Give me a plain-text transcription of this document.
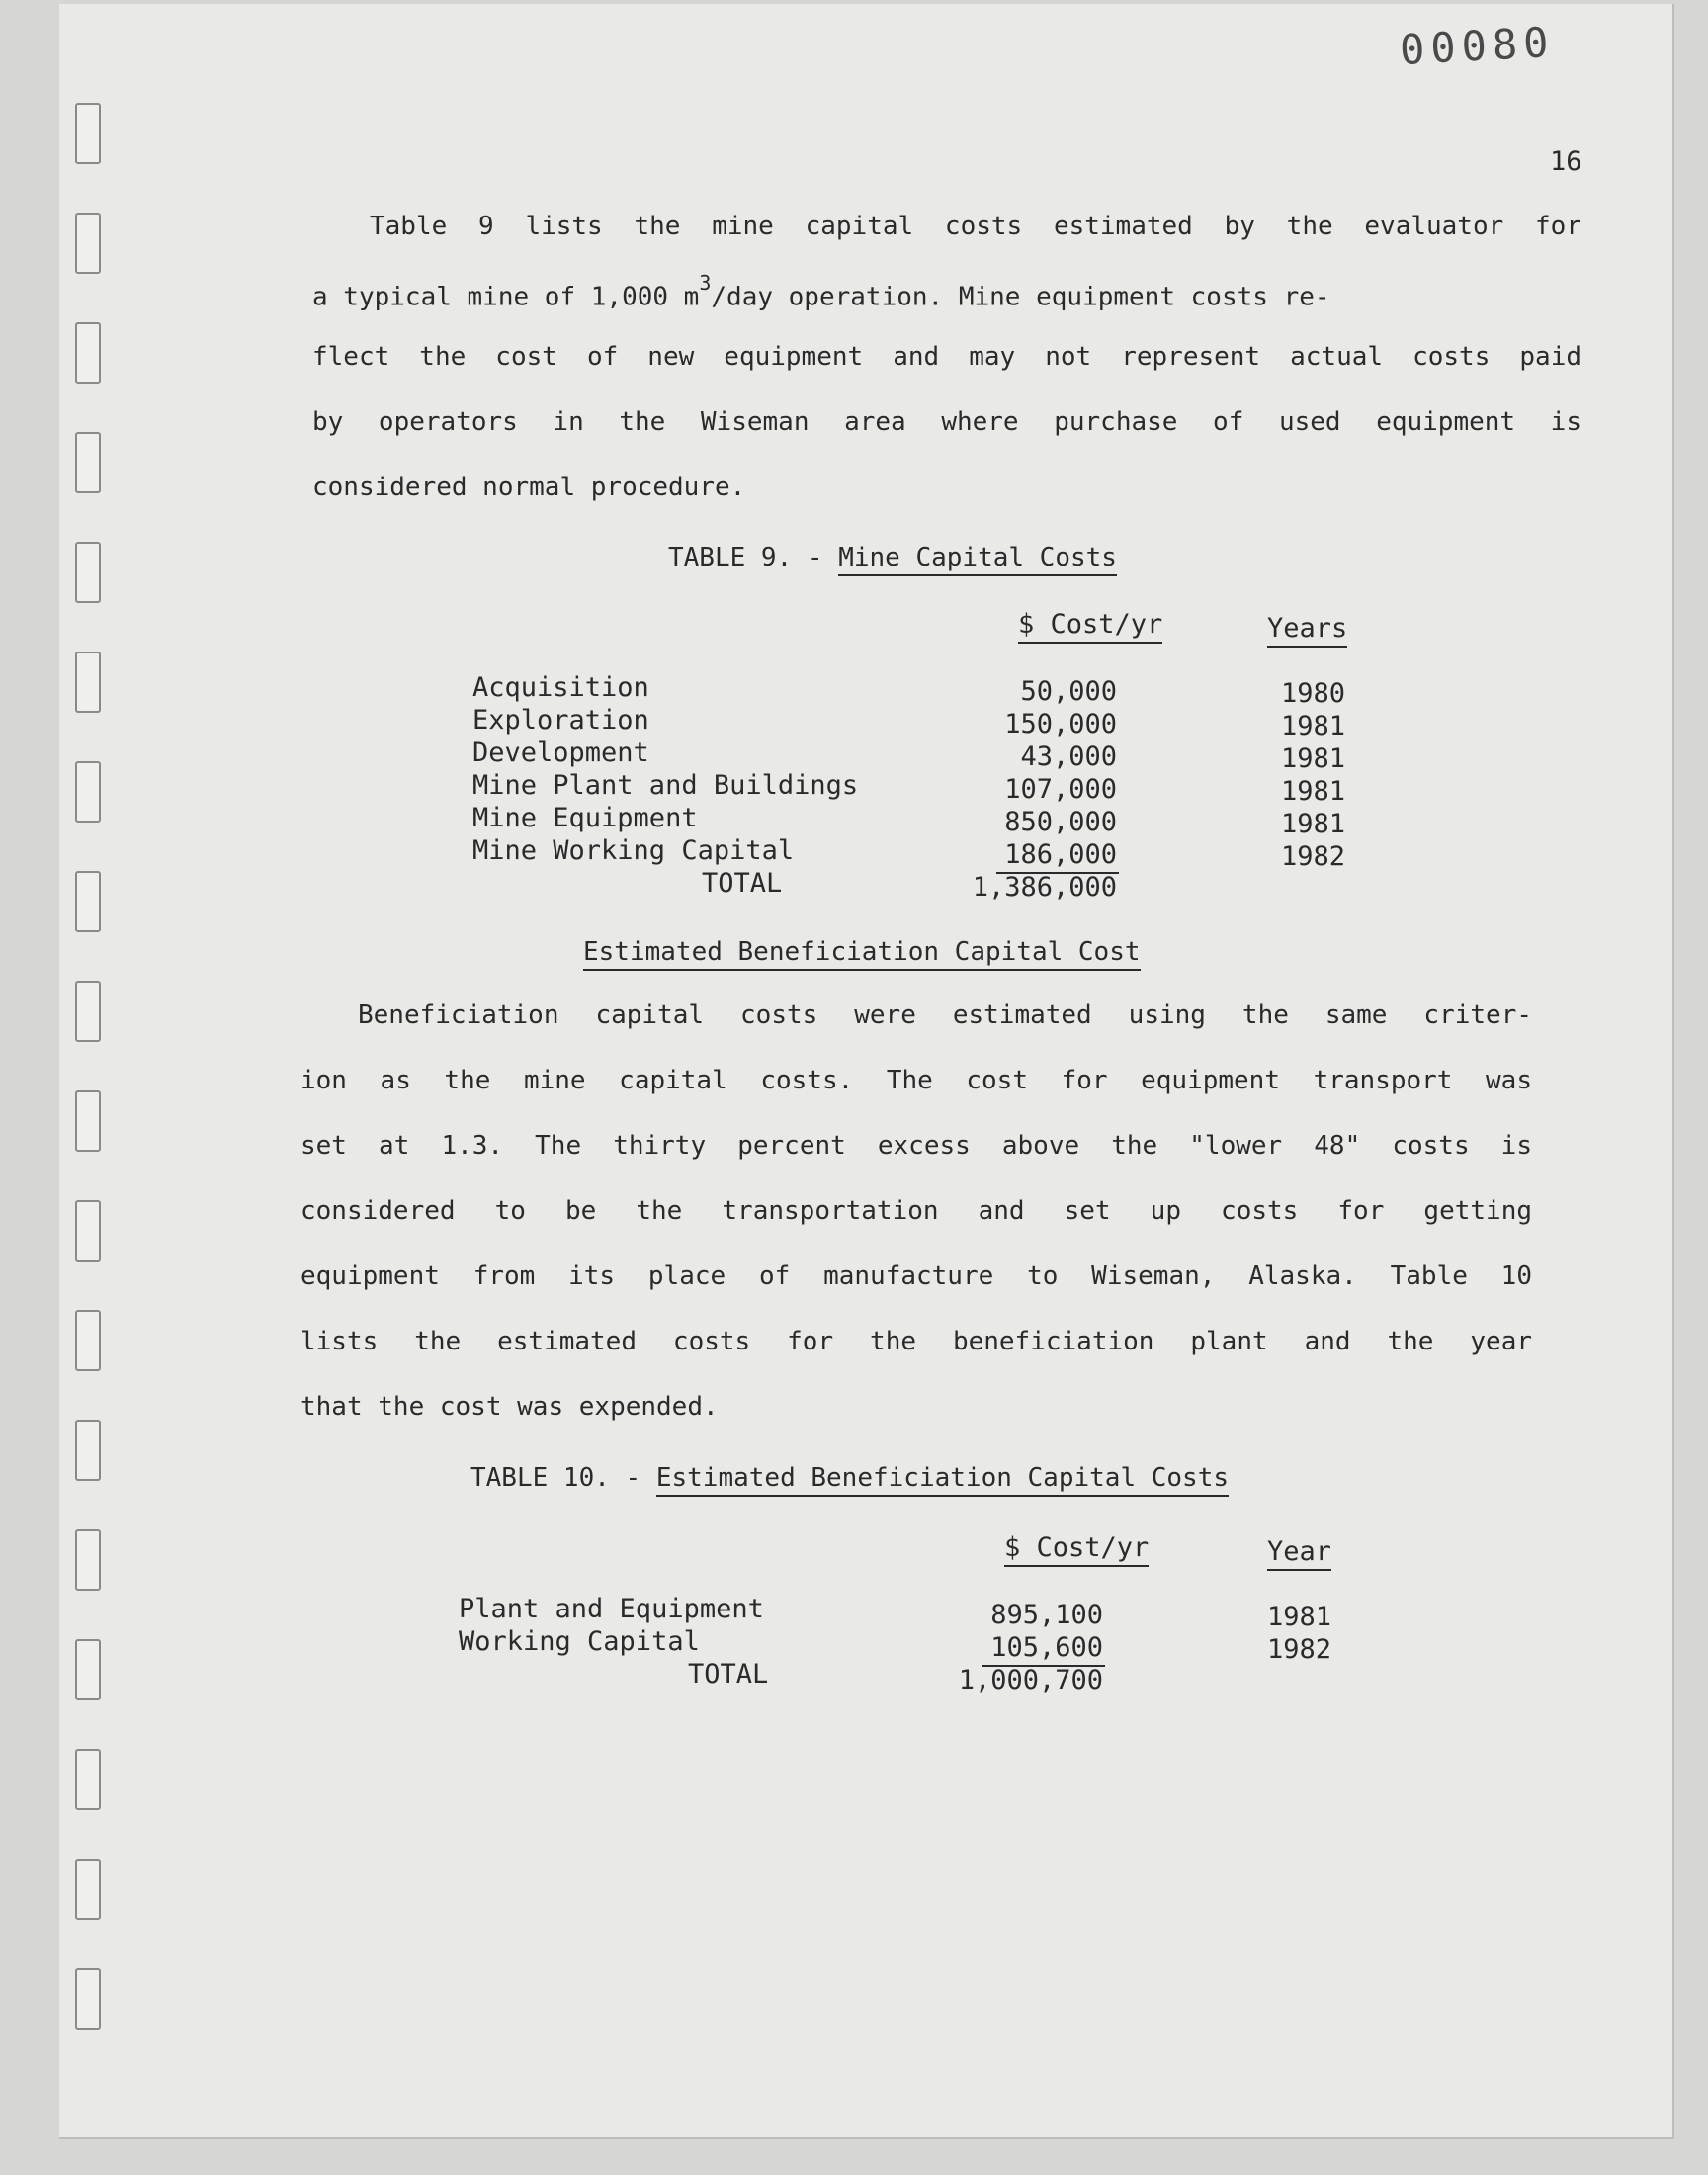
00080
16
Table 9 lists the mine capital costs estimated by the evaluator for
a typical mine of 1,000 $m^3$/day operation. Mine equipment costs re-
flect the cost of new equipment and may not represent actual costs paid
by operators in the Wiseman area where purchase of used equipment is
considered normal procedure.
TABLE 9. - Mine Capital Costs
$ Cost/yr	Years
Acquisition	50,000	1980
Exploration	150,000	1981
Development	43,000	1981
Mine Plant and Buildings	107,000	1981
Mine Equipment	850,000	1981
Mine Working Capital	186,000	1982
TOTAL	1,386,000
Estimated Beneficiation Capital Cost
Beneficiation capital costs were estimated using the same criter-
ion as the mine capital costs. The cost for equipment transport was
set at 1.3. The thirty percent excess above the "lower 48" costs is
considered to be the transportation and set up costs for getting
equipment from its place of manufacture to Wiseman, Alaska. Table 10
lists the estimated costs for the beneficiation plant and the year
that the cost was expended.
TABLE 10. - Estimated Beneficiation Capital Costs
$ Cost/yr	Year
Plant and Equipment	895,100	1981
Working Capital	105,600	1982
TOTAL	1,000,700
